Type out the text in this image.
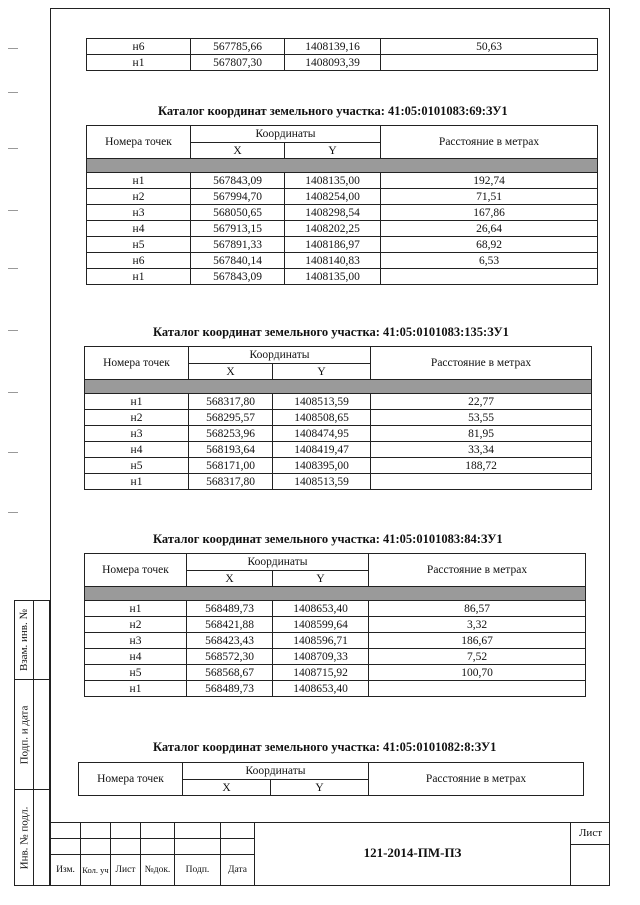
н6	567785,66	1408139,16	50,63
н1	567807,30	1408093,39	
Каталог координат земельного участка: 41:05:0101083:69:ЗУ1
Номера точек	Координаты		Расстояние в метрах
	X	Y	

н1	567843,09	1408135,00	192,74
н2	567994,70	1408254,00	71,51
н3	568050,65	1408298,54	167,86
н4	567913,15	1408202,25	26,64
н5	567891,33	1408186,97	68,92
н6	567840,14	1408140,83	6,53
н1	567843,09	1408135,00	
Каталог координат земельного участка: 41:05:0101083:135:ЗУ1
Номера точек	Координаты		Расстояние в метрах
	X	Y	

н1	568317,80	1408513,59	22,77
н2	568295,57	1408508,65	53,55
н3	568253,96	1408474,95	81,95
н4	568193,64	1408419,47	33,34
н5	568171,00	1408395,00	188,72
н1	568317,80	1408513,59	
Каталог координат земельного участка: 41:05:0101083:84:ЗУ1
Номера точек	Координаты		Расстояние в метрах
	X	Y	

н1	568489,73	1408653,40	86,57
н2	568421,88	1408599,64	3,32
н3	568423,43	1408596,71	186,67
н4	568572,30	1408709,33	7,52
н5	568568,67	1408715,92	100,70
н1	568489,73	1408653,40	
Каталог координат земельного участка: 41:05:0101082:8:ЗУ1
Номера точек	Координаты		Расстояние в метрах
	X	Y	
Взам. инв. №
Подп. и дата
Инв. № подл.
Изм. Кол. уч Лист №док.	Подп.	Дата
121-2014-ПМ-ПЗ
Лист
